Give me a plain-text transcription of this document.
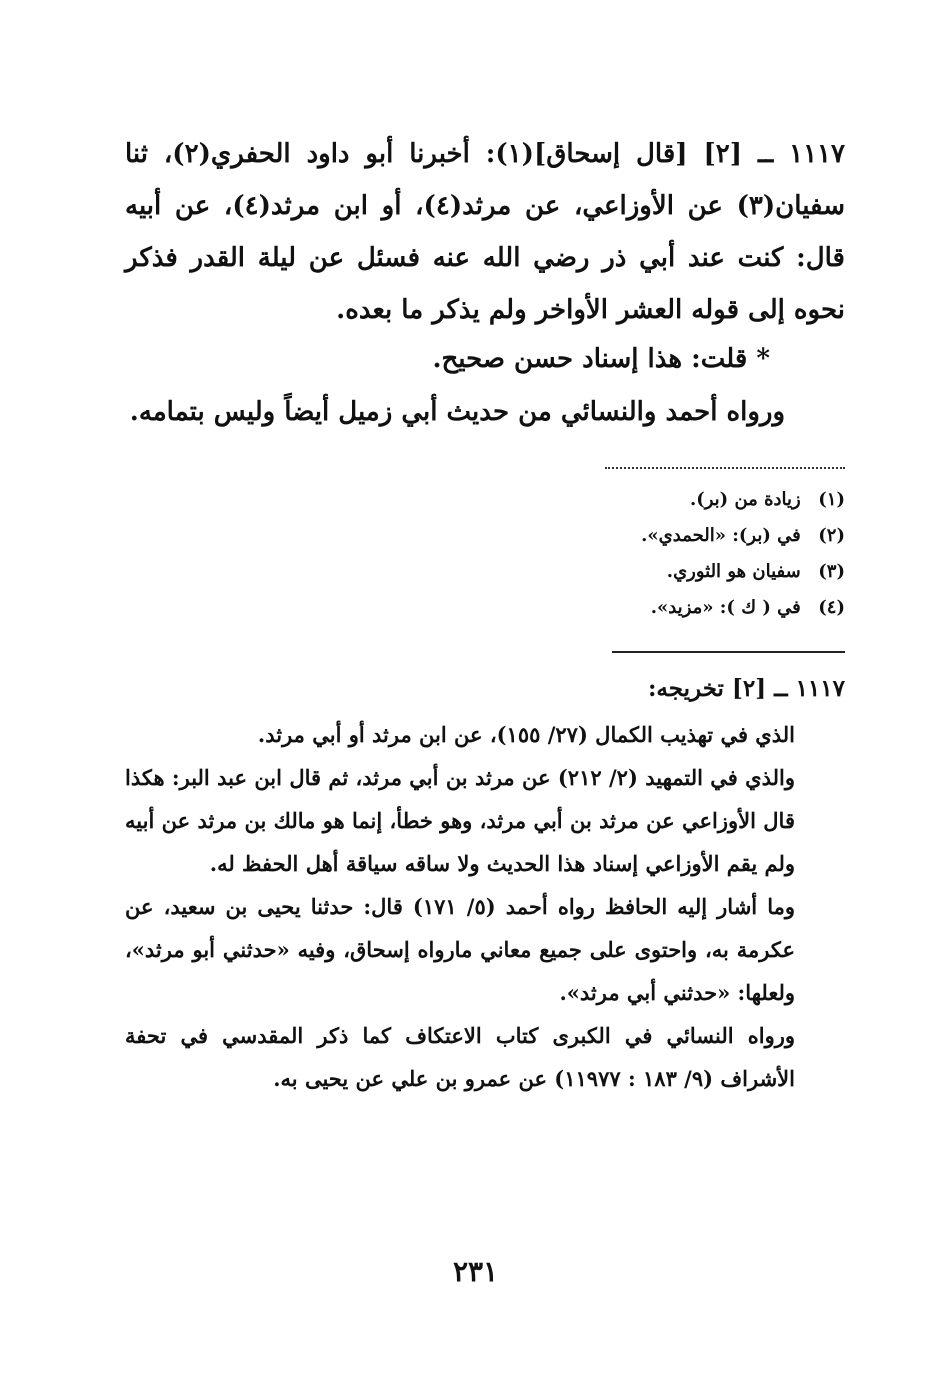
١١١٧ ــ [٢] [قال إسحاق](١): أخبرنا أبو داود الحفري(٢)، ثنا سفيان(٣) عن الأوزاعي، عن مرثد(٤)، أو ابن مرثد(٤)، عن أبيه قال: كنت عند أبي ذر رضي الله عنه فسئل عن ليلة القدر فذكر نحوه إلى قوله العشر الأواخر ولم يذكر ما بعده.

* قلت: هذا إسناد حسن صحيح.

ورواه أحمد والنسائي من حديث أبي زميل أيضاً وليس بتمامه.

(١) زيادة من (بر).
(٢) في (بر): «الحمدي».
(٣) سفيان هو الثوري.
(٤) في ( ك ): «مزيد».
١١١٧ ــ [٢] تخريجه:

الذي في تهذيب الكمال (٢٧/ ١٥٥)، عن ابن مرثد أو أبي مرثد.

والذي في التمهيد (٢/ ٢١٢) عن مرثد بن أبي مرثد، ثم قال ابن عبد البر: هكذا قال الأوزاعي عن مرثد بن أبي مرثد، وهو خطأ، إنما هو مالك بن مرثد عن أبيه ولم يقم الأوزاعي إسناد هذا الحديث ولا ساقه سياقة أهل الحفظ له.

وما أشار إليه الحافظ رواه أحمد (٥/ ١٧١) قال: حدثنا يحيى بن سعيد، عن عكرمة به، واحتوى على جميع معاني مارواه إسحاق، وفيه «حدثني أبو مرثد»، ولعلها: «حدثني أبي مرثد».

ورواه النسائي في الكبرى كتاب الاعتكاف كما ذكر المقدسي في تحفة الأشراف (٩/ ١٨٣ : ١١٩٧٧) عن عمرو بن علي عن يحيى به.

٢٣١
